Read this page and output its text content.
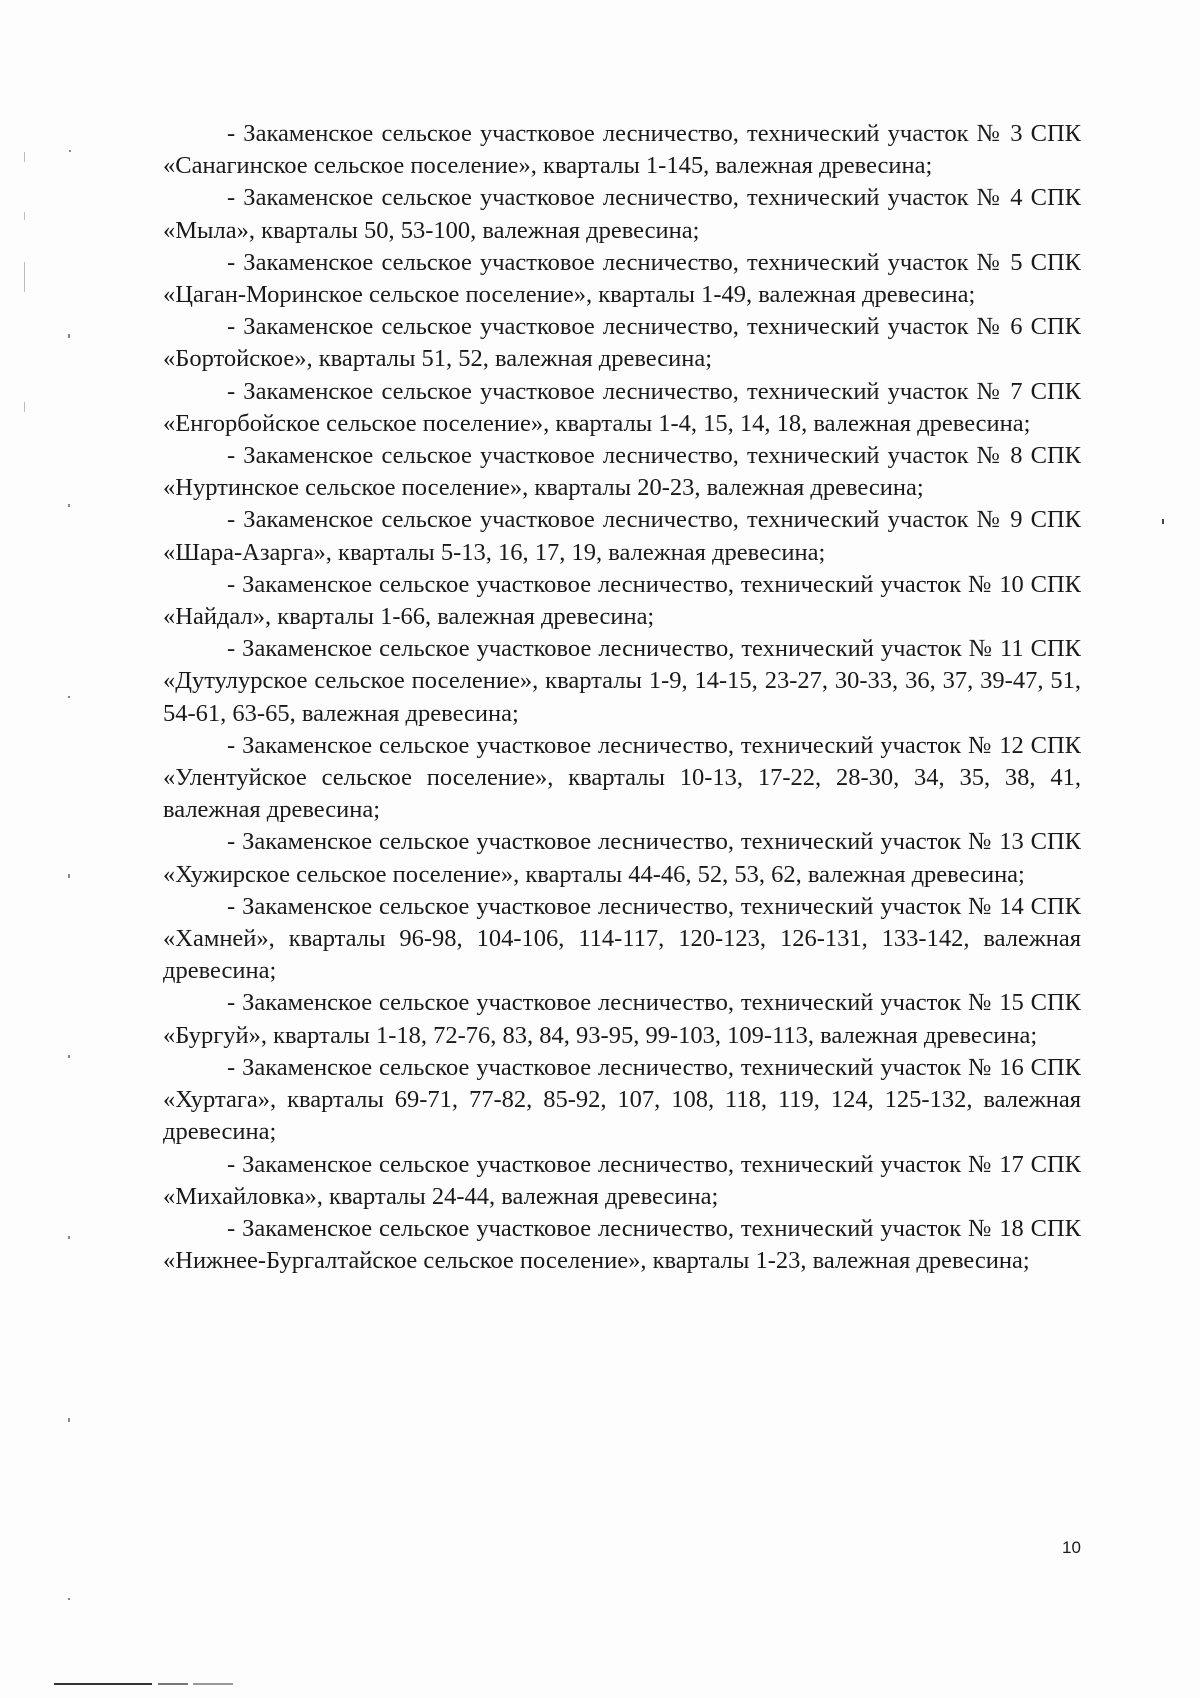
- Закаменское сельское участковое лесничество, технический участок № 3 СПК «Санагинское сельское поселение», кварталы 1-145, валежная древесина;

- Закаменское сельское участковое лесничество, технический участок № 4 СПК «Мыла», кварталы 50, 53-100, валежная древесина;

- Закаменское сельское участковое лесничество, технический участок № 5 СПК «Цаган-Моринское сельское поселение», кварталы 1-49, валежная древесина;

- Закаменское сельское участковое лесничество, технический участок № 6 СПК «Бортойское», кварталы 51, 52, валежная древесина;

- Закаменское сельское участковое лесничество, технический участок № 7 СПК «Енгорбойское сельское поселение», кварталы 1-4, 15, 14, 18, валежная древесина;

- Закаменское сельское участковое лесничество, технический участок № 8 СПК «Нуртинское сельское поселение», кварталы 20-23, валежная древесина;

- Закаменское сельское участковое лесничество, технический участок № 9 СПК «Шара-Азарга», кварталы 5-13, 16, 17, 19, валежная древесина;

- Закаменское сельское участковое лесничество, технический участок № 10 СПК «Найдал», кварталы 1-66, валежная древесина;

- Закаменское сельское участковое лесничество, технический участок № 11 СПК «Дутулурское сельское поселение», кварталы 1-9, 14-15, 23-27, 30-33, 36, 37, 39-47, 51, 54-61, 63-65, валежная древесина;

- Закаменское сельское участковое лесничество, технический участок № 12 СПК «Улентуйское сельское поселение», кварталы 10-13, 17-22, 28-30, 34, 35, 38, 41, валежная древесина;

- Закаменское сельское участковое лесничество, технический участок № 13 СПК «Хужирское сельское поселение», кварталы 44-46, 52, 53, 62, валежная древесина;

- Закаменское сельское участковое лесничество, технический участок № 14 СПК «Хамней», кварталы 96-98, 104-106, 114-117, 120-123, 126-131, 133-142, валежная древесина;

- Закаменское сельское участковое лесничество, технический участок № 15 СПК «Бургуй», кварталы 1-18, 72-76, 83, 84, 93-95, 99-103, 109-113, валежная древесина;

- Закаменское сельское участковое лесничество, технический участок № 16 СПК «Хуртага», кварталы 69-71, 77-82, 85-92, 107, 108, 118, 119, 124, 125-132, валежная древесина;

- Закаменское сельское участковое лесничество, технический участок № 17 СПК «Михайловка», кварталы 24-44, валежная древесина;

- Закаменское сельское участковое лесничество, технический участок № 18 СПК «Нижнее-Бургалтайское сельское поселение», кварталы 1-23, валежная древесина;

10
